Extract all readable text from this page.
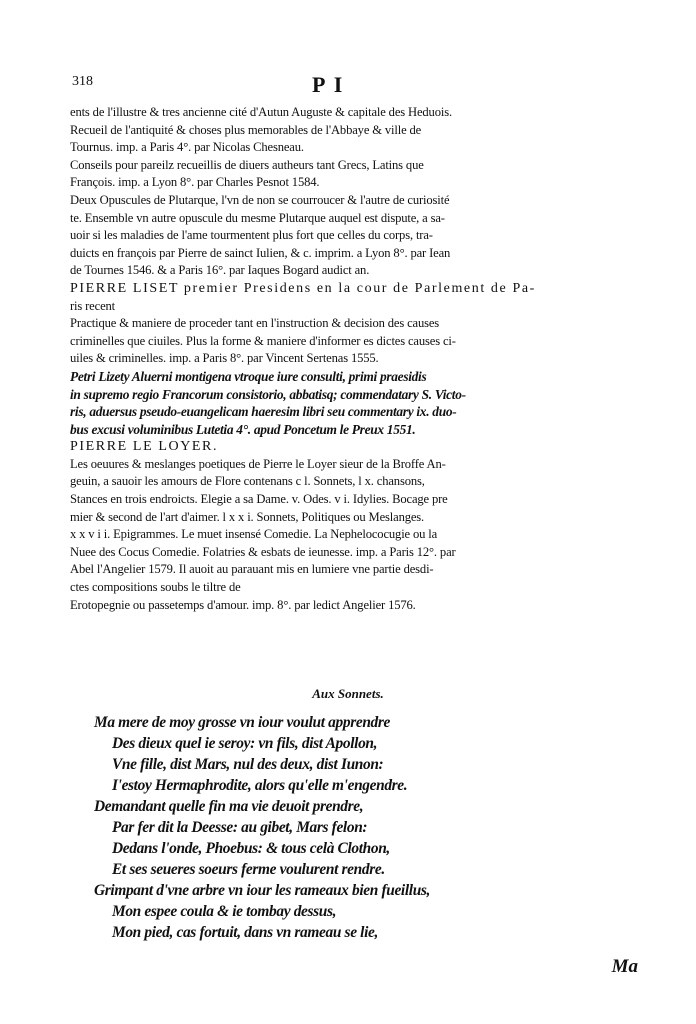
318	P I
ents de l'illustre & tres ancienne cité d'Autun Auguste & capitale des Heduois.
Recueil de l'antiquité & choses plus memorables de l'Abbaye & ville de
Tournus. imp. a Paris 4°. par Nicolas Chesneau.
Conseils pour pareilz recueillis de diuers autheurs tant Grecs, Latins que
François. imp. a Lyon 8°. par Charles Pesnot 1584.
Deux Opuscules de Plutarque, l'vn de non se courroucer & l'autre de curiosité
te. Ensemble vn autre opuscule du mesme Plutarque auquel est dispute, a sa-
uoir si les maladies de l'ame tourmentent plus fort que celles du corps, tra-
duicts en françois par Pierre de sainct Iulien, & c. imprim. a Lyon 8°. par Iean
de Tournes 1546. & a Paris 16°. par Iaques Bogard audict an.
PIERRE LISET premier Presidens en la cour de Parlement de Pa-
ris recent
Practique & maniere de proceder tant en l'instruction & decision des causes
criminelles que ciuiles. Plus la forme & maniere d'informer es dictes causes ci-
uiles & criminelles. imp. a Paris 8°. par Vincent Sertenas 1555.
Petri Lizety Aluerni montigena vtroque iure consulti, primi praesidis
in supremo regio Francorum consistorio, abbatisq; commendatary S. Victo-
ris, aduersus pseudo-euangelicam haeresim libri seu commentary ix. duo-
bus excusi voluminibus Lutetia 4°. apud Poncetum le Preux 1551.
PIERRE LE LOYER.
Les oeuures & meslanges poetiques de Pierre le Loyer sieur de la Broffe An-
geuin, a sauoir les amours de Flore contenans c l. Sonnets, l x. chansons,
Stances en trois endroicts. Elegie a sa Dame. v. Odes. v i. Idylies. Bocage pre
mier & second de l'art d'aimer. l x x i. Sonnets, Politiques ou Meslanges.
x x v i i. Epigrammes. Le muet insensé Comedie. La Nephelococugie ou la
Nuee des Cocus Comedie. Folatries & esbats de ieunesse. imp. a Paris 12°. par
Abel l'Angelier 1579. Il auoit au parauant mis en lumiere vne partie desdi-
ctes compositions soubs le tiltre de
Erotopegnie ou passetemps d'amour. imp. 8°. par ledict Angelier 1576.
Aux Sonnets.
Ma mere de moy grosse vn iour voulut apprendre
Des dieux quel ie seroy: vn fils, dist Apollon,
Vne fille, dist Mars, nul des deux, dist Iunon:
I'estoy Hermaphrodite, alors qu'elle m'engendre.
Demandant quelle fin ma vie deuoit prendre,
Par fer dit la Deesse: au gibet, Mars felon:
Dedans l'onde, Phoebus: & tous celà Clothon,
Et ses seueres soeurs ferme voulurent rendre.
Grimpant d'vne arbre vn iour les rameaux bien fueillus,
Mon espee coula & ie tombay dessus,
Mon pied, cas fortuit, dans vn rameau se lie,
Ma
